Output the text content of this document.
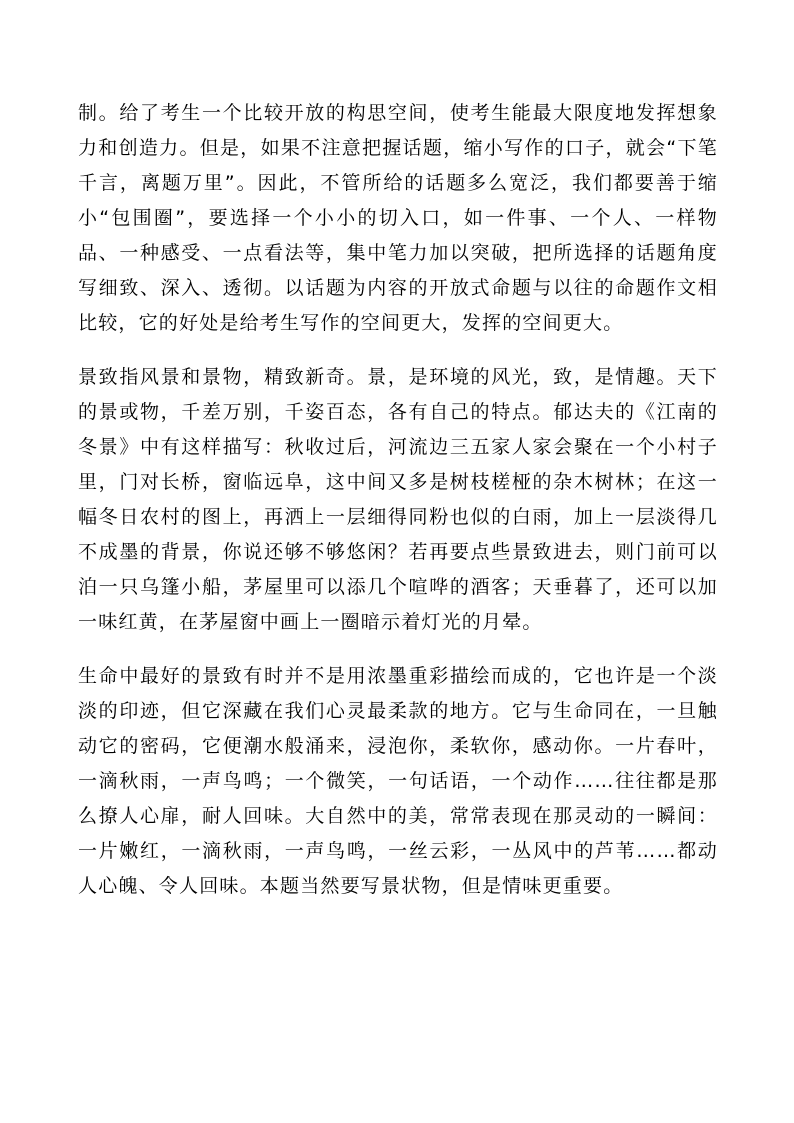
制。给了考生一个比较开放的构思空间，使考生能最大限度地发挥想象力和创造力。但是，如果不注意把握话题，缩小写作的口子，就会“下笔千言，离题万里”。因此，不管所给的话题多么宽泛，我们都要善于缩小“包围圈”，要选择一个小小的切入口，如一件事、一个人、一样物品、一种感受、一点看法等，集中笔力加以突破，把所选择的话题角度写细致、深入、透彻。以话题为内容的开放式命题与以往的命题作文相比较，它的好处是给考生写作的空间更大，发挥的空间更大。

景致指风景和景物，精致新奇。景，是环境的风光，致，是情趣。天下的景或物，千差万别，千姿百态，各有自己的特点。郁达夫的《江南的冬景》中有这样描写：秋收过后，河流边三五家人家会聚在一个小村子里，门对长桥，窗临远阜，这中间又多是树枝槎桠的杂木树林；在这一幅冬日农村的图上，再洒上一层细得同粉也似的白雨，加上一层淡得几不成墨的背景，你说还够不够悠闲？若再要点些景致进去，则门前可以泊一只乌篷小船，茅屋里可以添几个喧哗的酒客；天垂暮了，还可以加一味红黄，在茅屋窗中画上一圈暗示着灯光的月晕。

生命中最好的景致有时并不是用浓墨重彩描绘而成的，它也许是一个淡淡的印迹，但它深藏在我们心灵最柔款的地方。它与生命同在，一旦触动它的密码，它便潮水般涌来，浸泡你，柔软你，感动你。一片春叶，一滴秋雨，一声鸟鸣；一个微笑，一句话语，一个动作……往往都是那么撩人心扉，耐人回味。大自然中的美，常常表现在那灵动的一瞬间：一片嫩红，一滴秋雨，一声鸟鸣，一丝云彩，一丛风中的芦苇……都动人心魄、令人回味。本题当然要写景状物，但是情味更重要。
